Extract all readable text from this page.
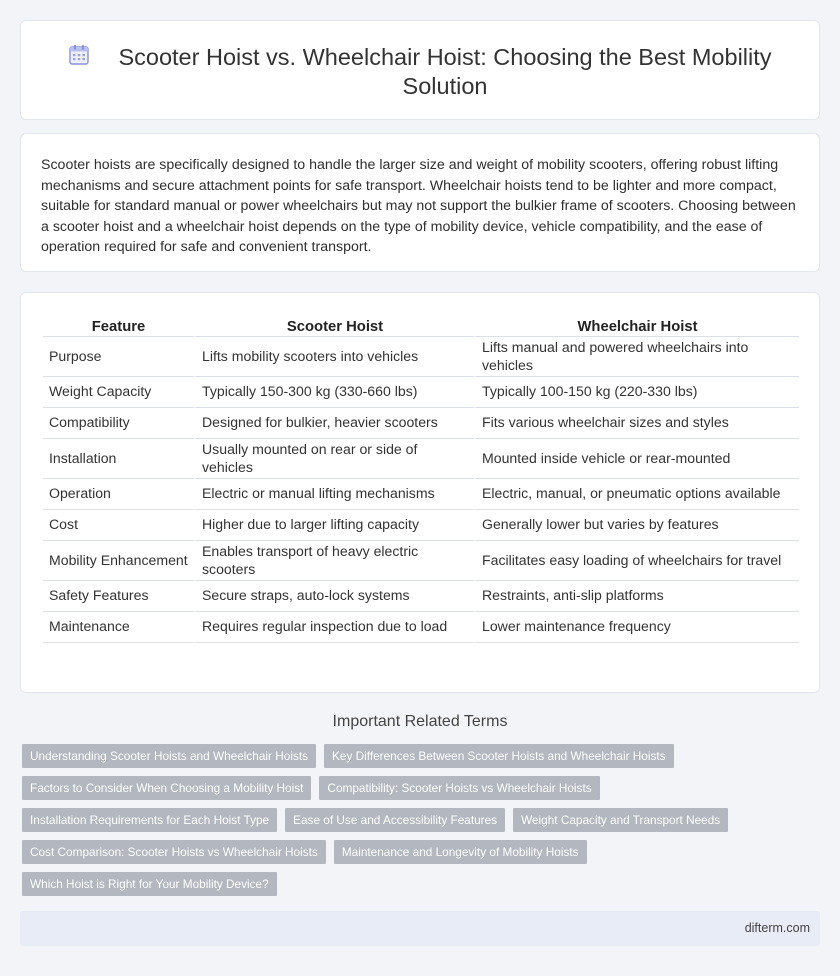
Scooter Hoist vs. Wheelchair Hoist: Choosing the Best Mobility Solution

Scooter hoists are specifically designed to handle the larger size and weight of mobility scooters, offering robust lifting mechanisms and secure attachment points for safe transport. Wheelchair hoists tend to be lighter and more compact, suitable for standard manual or power wheelchairs but may not support the bulkier frame of scooters. Choosing between a scooter hoist and a wheelchair hoist depends on the type of mobility device, vehicle compatibility, and the ease of operation required for safe and convenient transport.

Feature	Scooter Hoist	Wheelchair Hoist
Purpose	Lifts mobility scooters into vehicles	Lifts manual and powered wheelchairs into vehicles
Weight Capacity	Typically 150-300 kg (330-660 lbs)	Typically 100-150 kg (220-330 lbs)
Compatibility	Designed for bulkier, heavier scooters	Fits various wheelchair sizes and styles
Installation	Usually mounted on rear or side of vehicles	Mounted inside vehicle or rear-mounted
Operation	Electric or manual lifting mechanisms	Electric, manual, or pneumatic options available
Cost	Higher due to larger lifting capacity	Generally lower but varies by features
Mobility Enhancement	Enables transport of heavy electric scooters	Facilitates easy loading of wheelchairs for travel
Safety Features	Secure straps, auto-lock systems	Restraints, anti-slip platforms
Maintenance	Requires regular inspection due to load	Lower maintenance frequency
Important Related Terms
Understanding Scooter Hoists and Wheelchair Hoists	Key Differences Between Scooter Hoists and Wheelchair Hoists
Factors to Consider When Choosing a Mobility Hoist	Compatibility: Scooter Hoists vs Wheelchair Hoists
Installation Requirements for Each Hoist Type	Ease of Use and Accessibility Features	Weight Capacity and Transport Needs
Cost Comparison: Scooter Hoists vs Wheelchair Hoists	Maintenance and Longevity of Mobility Hoists
Which Hoist is Right for Your Mobility Device?
difterm.com
